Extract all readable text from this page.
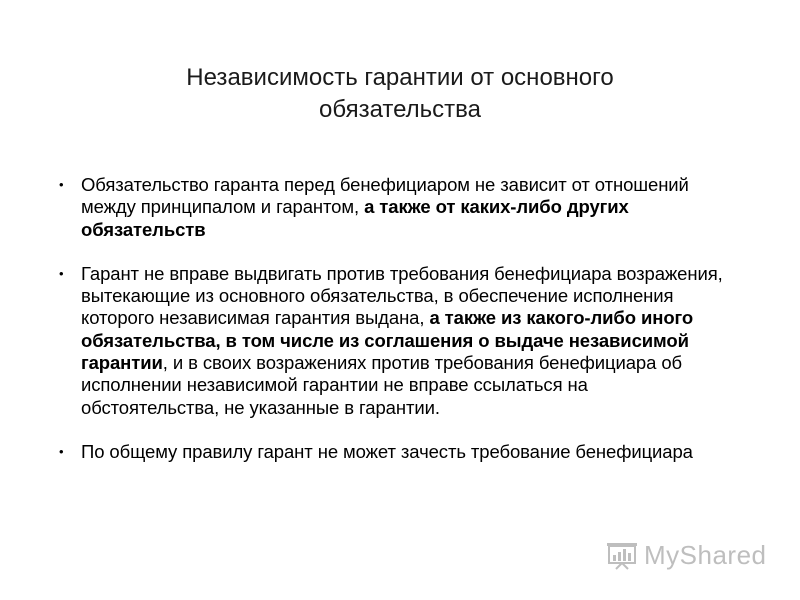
Независимость гарантии от основного
обязательства
• Обязательство гаранта перед бенефициаром не зависит от отношений между принципалом и гарантом, а также от каких-либо других обязательств
• Гарант не вправе выдвигать против требования бенефициара возражения, вытекающие из основного обязательства, в обеспечение исполнения которого независимая гарантия выдана, а также из какого-либо иного обязательства, в том числе из соглашения о выдаче независимой гарантии, и в своих возражениях против требования бенефициара об исполнении независимой гарантии не вправе ссылаться на обстоятельства, не указанные в гарантии.
• По общему правилу гарант не может зачесть требование бенефициара
MyShared
